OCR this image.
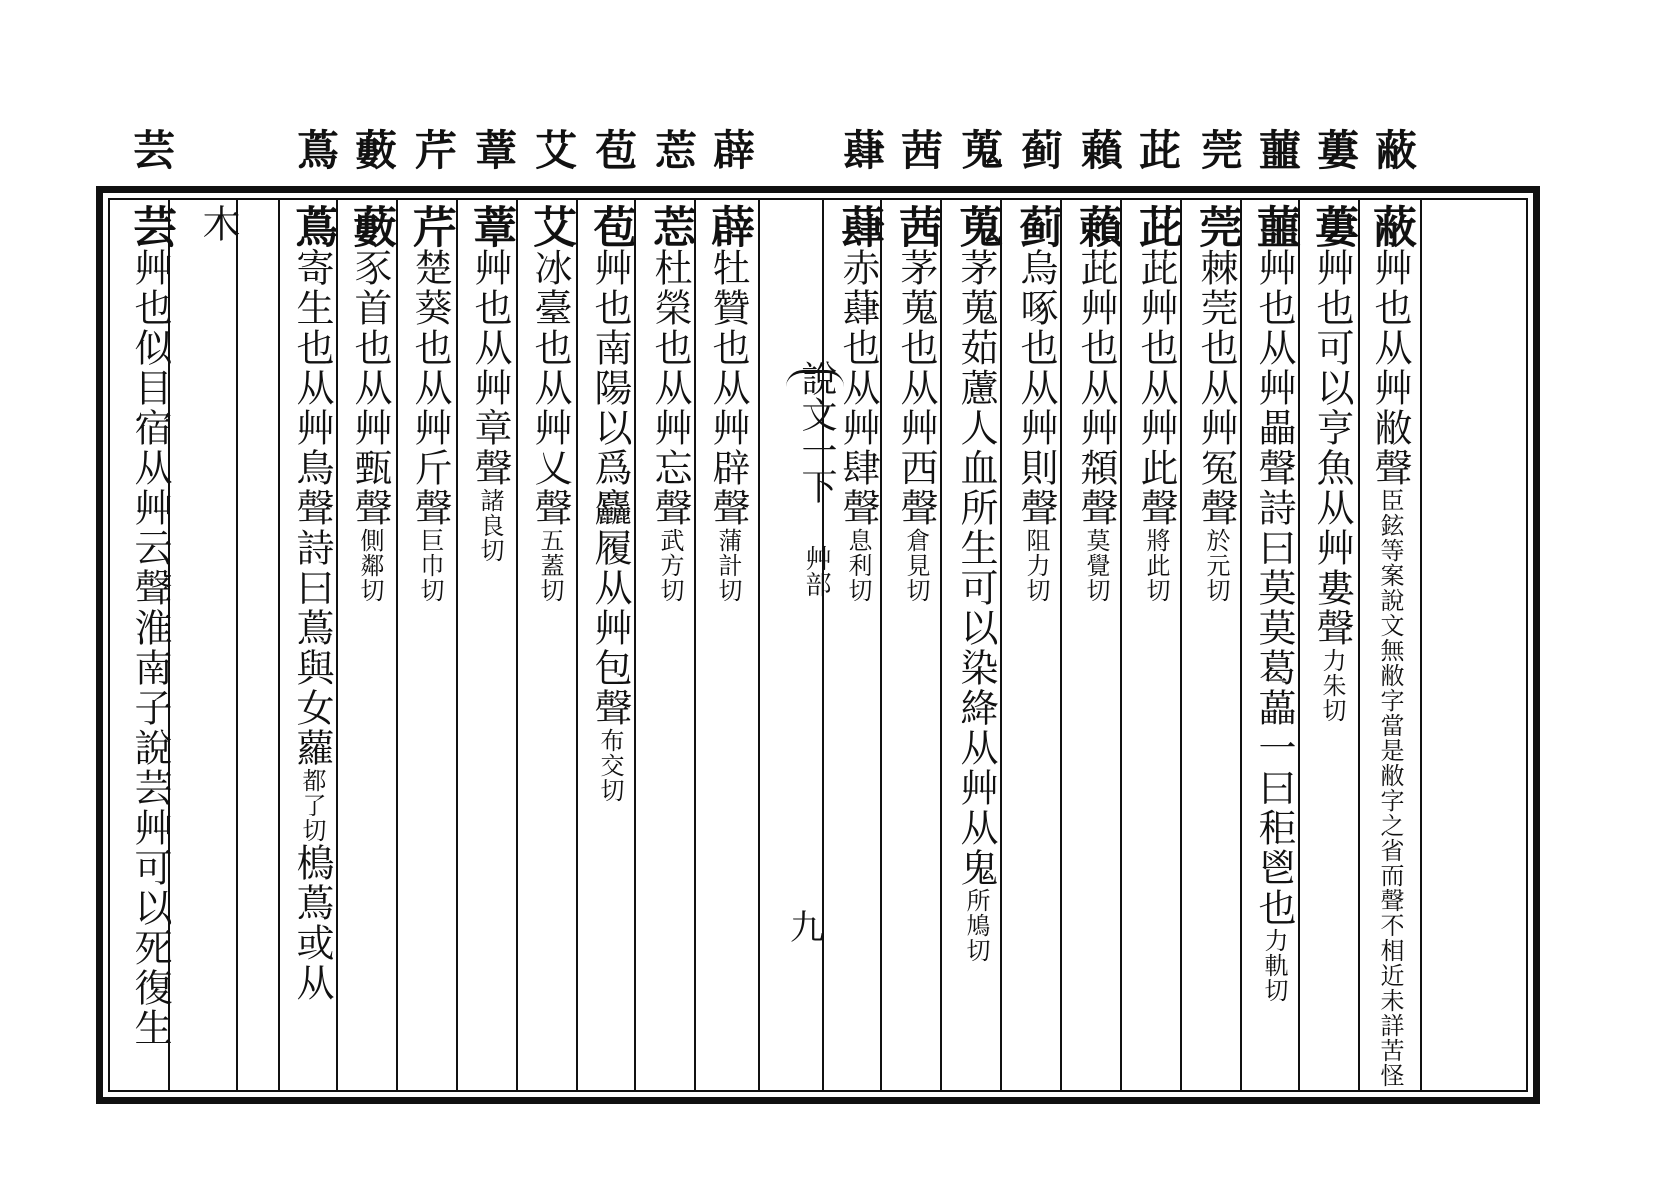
蔽
蔞
蘁
莞
茈
藾
蓟
蒐
茜
蕼
薜
莣
苞
艾
蔁
芹
藪
蔦
芸
蔽艸也从艸敝聲臣鉉等案說文無敝字當是敝字之省而聲不相近未詳苦怪
蔞艸也可以亨魚从艸婁聲力朱切
蘁艸也从艸畾聲詩曰莫莫葛藟一曰秬鬯也力軌切
莞棘莞也从艸冤聲於元切
茈茈艸也从艸此聲將此切
藾茈艸也从艸頮聲莫覺切
蓟烏啄也从艸則聲阻力切
蒐茅蒐茹藘人血所生可以染絳从艸从鬼所鳩切
茜茅蒐也从艸西聲倉見切
蕼赤蕼也从艸肆聲息利切
薜牡贊也从艸辟聲蒲計切
莣杜榮也从艸忘聲武方切
苞艸也南陽以爲麤履从艸包聲布交切
艾冰臺也从艸乂聲五蓋切
蔁艸也从艸章聲諸良切
芹楚葵也从艸斤聲巨巾切
藪豕首也从艸甄聲側鄰切
蔦寄生也从艸鳥聲詩曰蔦與女蘿都了切樢蔦或从
木
芸艸也似目宿从艸云聲淮南子說芸艸可以死復生	說文一下 艸部
九
